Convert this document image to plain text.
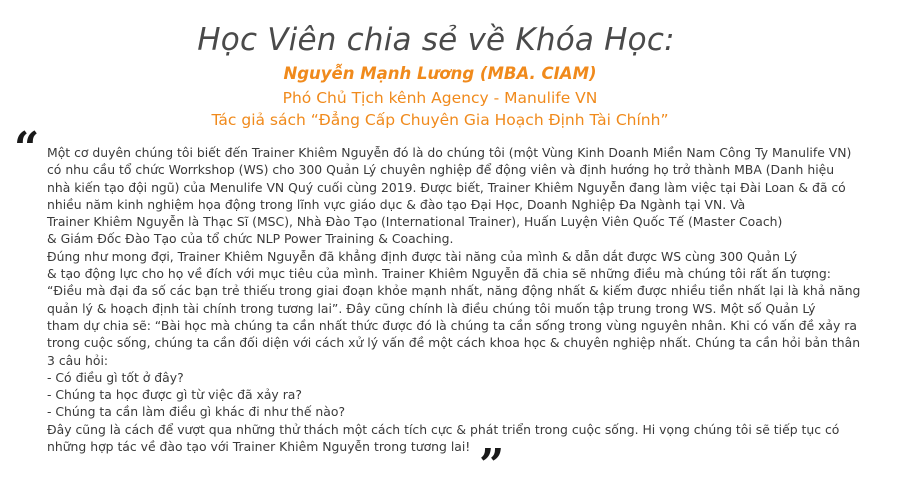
Học Viên chia sẻ về Khóa Học:
Nguyễn Mạnh Lương (MBA. CIAM)
Phó Chủ Tịch kênh Agency - Manulife VN
Tác giả sách “Đẳng Cấp Chuyên Gia Hoạch Định Tài Chính”
“ Một cơ duyên chúng tôi biết đến Trainer Khiêm Nguyễn đó là do chúng tôi (một Vùng Kinh Doanh Miền Nam Công Ty Manulife VN)
có nhu cầu tổ chức Worrkshop (WS) cho 300 Quản Lý chuyên nghiệp để động viên và định hướng họ trở thành MBA (Danh hiệu
nhà kiến tạo đội ngũ) của Menulife VN Quý cuối cùng 2019. Được biết, Trainer Khiêm Nguyễn đang làm việc tại Đài Loan & đã có
nhiều năm kinh nghiệm họa động trong lĩnh vực giáo dục & đào tạo Đại Học, Doanh Nghiệp Đa Ngành tại VN. Và
Trainer Khiêm Nguyễn là Thạc Sĩ (MSC), Nhà Đào Tạo (International Trainer), Huấn Luyện Viên Quốc Tế (Master Coach)
& Giám Đốc Đào Tạo của tổ chức NLP Power Training & Coaching.
Đúng như mong đợi, Trainer Khiêm Nguyễn đã khẳng định được tài năng của mình & dẫn dắt được WS cùng 300 Quản Lý
& tạo động lực cho họ về đích với mục tiêu của mình. Trainer Khiêm Nguyễn đã chia sẽ những điều mà chúng tôi rất ấn tượng:
“Điều mà đại đa số các bạn trẻ thiếu trong giai đoạn khỏe mạnh nhất, năng động nhất & kiếm được nhiều tiền nhất lại là khả năng
quản lý & hoạch định tài chính trong tương lai”. Đây cũng chính là điều chúng tôi muốn tập trung trong WS. Một số Quản Lý
tham dự chia sẽ: “Bài học mà chúng ta cần nhất thức được đó là chúng ta cần sống trong vùng nguyên nhân. Khi có vấn đề xảy ra
trong cuộc sống, chúng ta cần đối diện với cách xử lý vấn đề một cách khoa học & chuyên nghiệp nhất. Chúng ta cần hỏi bản thân
3 câu hỏi:
- Có điều gì tốt ở đây?
- Chúng ta học được gì từ việc đã xảy ra?
- Chúng ta cần làm điều gì khác đi như thế nào?
Đây cũng là cách để vượt qua những thử thách một cách tích cực & phát triển trong cuộc sống. Hi vọng chúng tôi sẽ tiếp tục có
những hợp tác về đào tạo với Trainer Khiêm Nguyễn trong tương lai! ”
